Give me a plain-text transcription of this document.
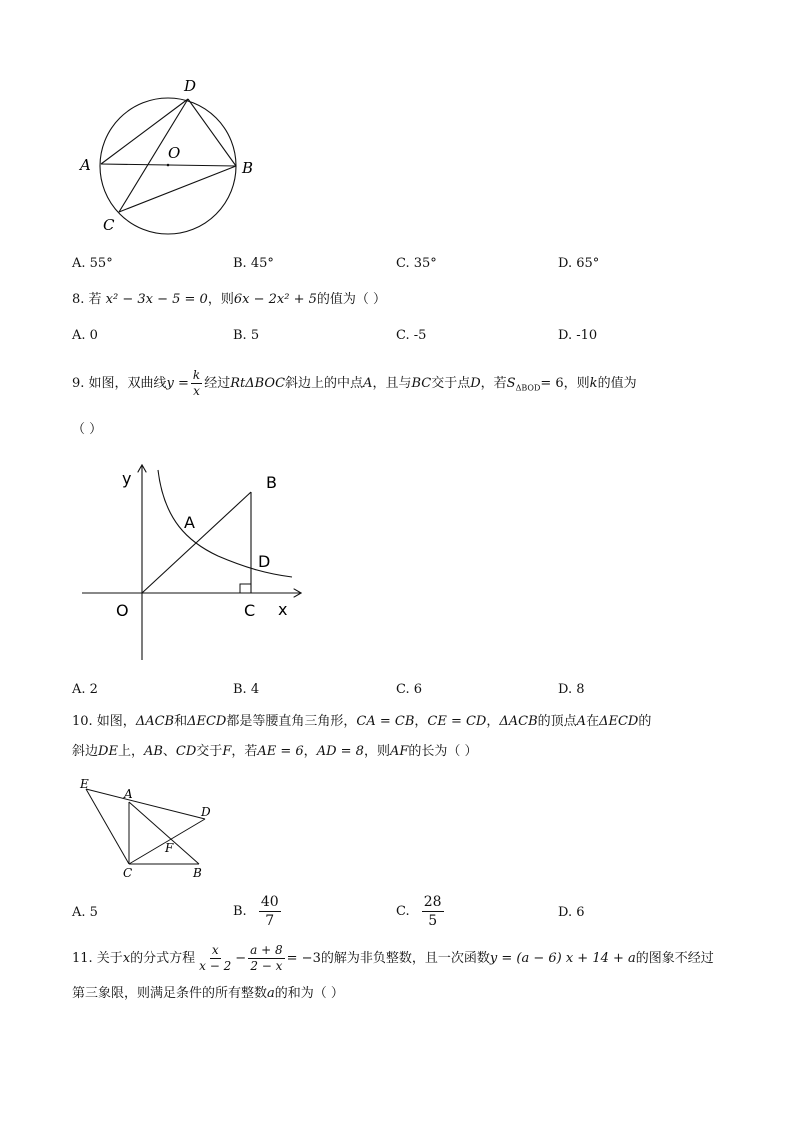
D
A
O
B
C
A. 55°	B. 45°	C. 35°	D. 65°
8. 若 x² − 3x − 5 = 0，则6x − 2x² + 5的值为（ ）
A. 0	B. 5	C. -5	D. -10
9. 如图，双曲线$y = \frac{k}{x}$ 经过RtΔBOC斜边上的中点A，且与BC交于点D，若$S_{\Delta BOD}= 6$，则k的值为
（ ）
y	B
A
D
O	C x
A. 2	B. 4	C. 6	D. 8
10. 如图，ΔACB和ΔECD都是等腰直角三角形，CA = CB，CE = CD，ΔACB的顶点A在ΔECD的
斜边DE上，AB、CD交于F，若AE = 6，AD = 8，则AF的长为（ ）
E
A
D
F
C	B
A. 5	B. $\frac{40}{7}$	C. $\frac{28}{5}$	D. 6
11. 关于x的分式方程 $\frac{x}{x - 2} - \frac{a + 8}{2 - x} = -3$的解为非负整数，且一次函数y = (a − 6) x + 14 + a的图象不经过
第三象限，则满足条件的所有整数a的和为（ ）
